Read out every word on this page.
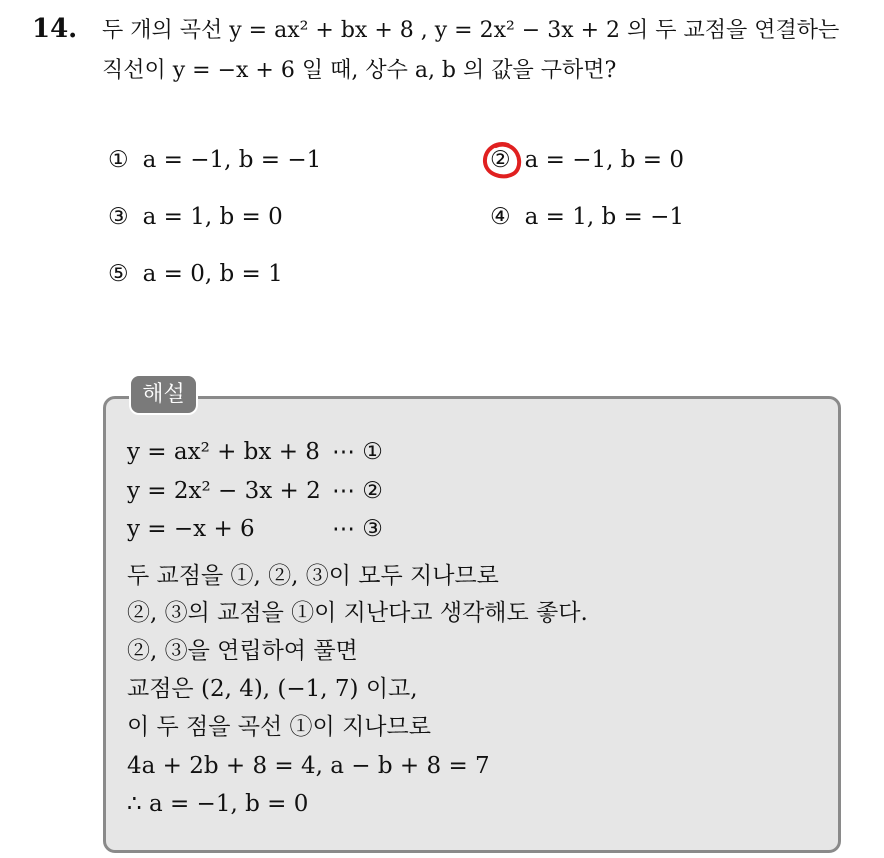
14. 두 개의 곡선 y = ax² + bx + 8 , y = 2x² − 3x + 2 의 두 교점을 연결하는
직선이 y = −x + 6 일 때, 상수 a, b 의 값을 구하면?
① a = −1, b = −1	② a = −1, b = 0
③ a = 1, b = 0	④ a = 1, b = −1
⑤ a = 0, b = 1
해설
y = ax² + bx + 8 ⋯ ①
y = 2x² − 3x + 2 ⋯ ②
y = −x + 6	⋯ ③
두 교점을 ①, ②, ③이 모두 지나므로
②, ③의 교점을 ①이 지난다고 생각해도 좋다.
②, ③을 연립하여 풀면
교점은 (2, 4), (−1, 7) 이고,
이 두 점을 곡선 ①이 지나므로
4a + 2b + 8 = 4, a − b + 8 = 7
∴ a = −1, b = 0
